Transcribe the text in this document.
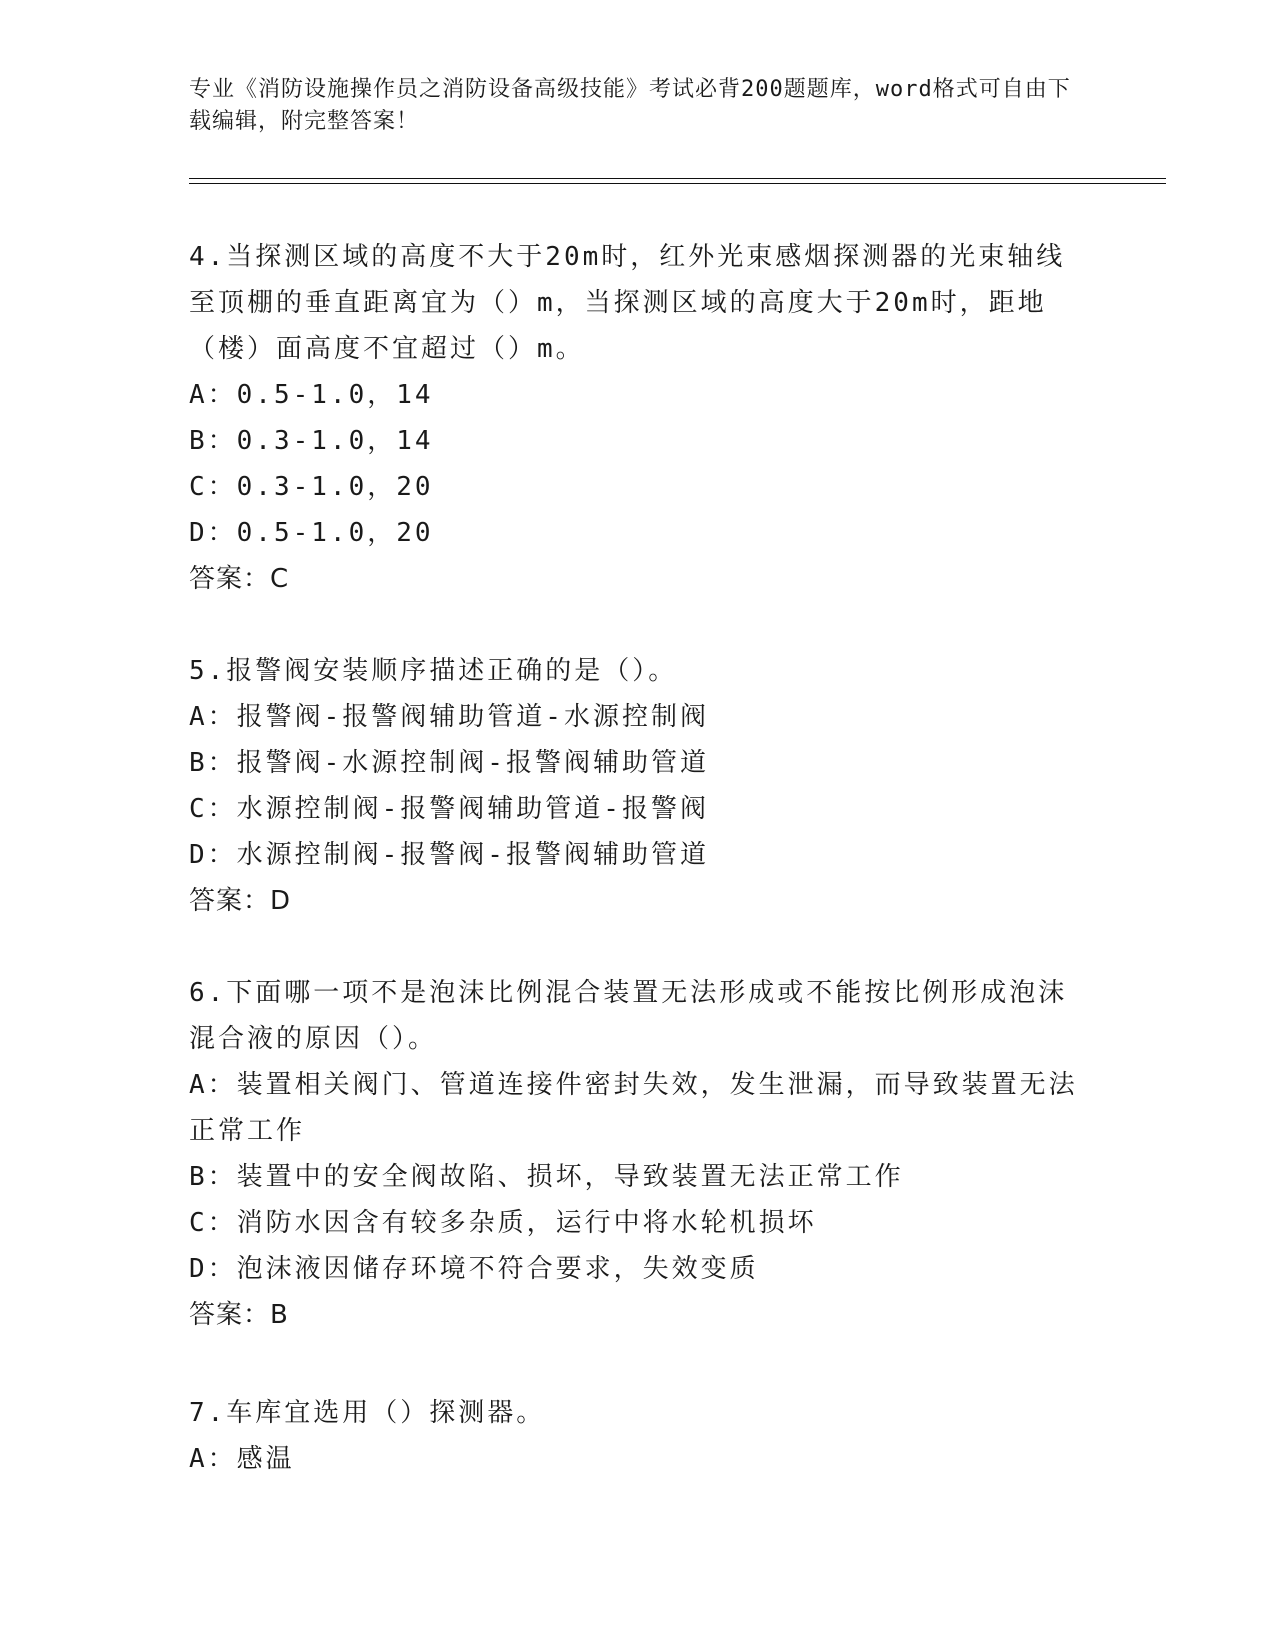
专业《消防设施操作员之消防设备高级技能》考试必背200题题库，word格式可自由下载编辑，附完整答案！

4.当探测区域的高度不大于20m时，红外光束感烟探测器的光束轴线至顶棚的垂直距离宜为（）m，当探测区域的高度大于20m时，距地（楼）面高度不宜超过（）m。

A：0.5-1.0，14

B：0.3-1.0，14

C：0.3-1.0，20

D：0.5-1.0，20

答案：C

5.报警阀安装顺序描述正确的是（）。

A：报警阀-报警阀辅助管道-水源控制阀

B：报警阀-水源控制阀-报警阀辅助管道

C：水源控制阀-报警阀辅助管道-报警阀

D：水源控制阀-报警阀-报警阀辅助管道

答案：D

6.下面哪一项不是泡沫比例混合装置无法形成或不能按比例形成泡沫混合液的原因（）。

A：装置相关阀门、管道连接件密封失效，发生泄漏，而导致装置无法正常工作

B：装置中的安全阀故陷、损坏，导致装置无法正常工作

C：消防水因含有较多杂质，运行中将水轮机损坏

D：泡沫液因储存环境不符合要求，失效变质

答案：B

7.车库宜选用（）探测器。

A：感温
